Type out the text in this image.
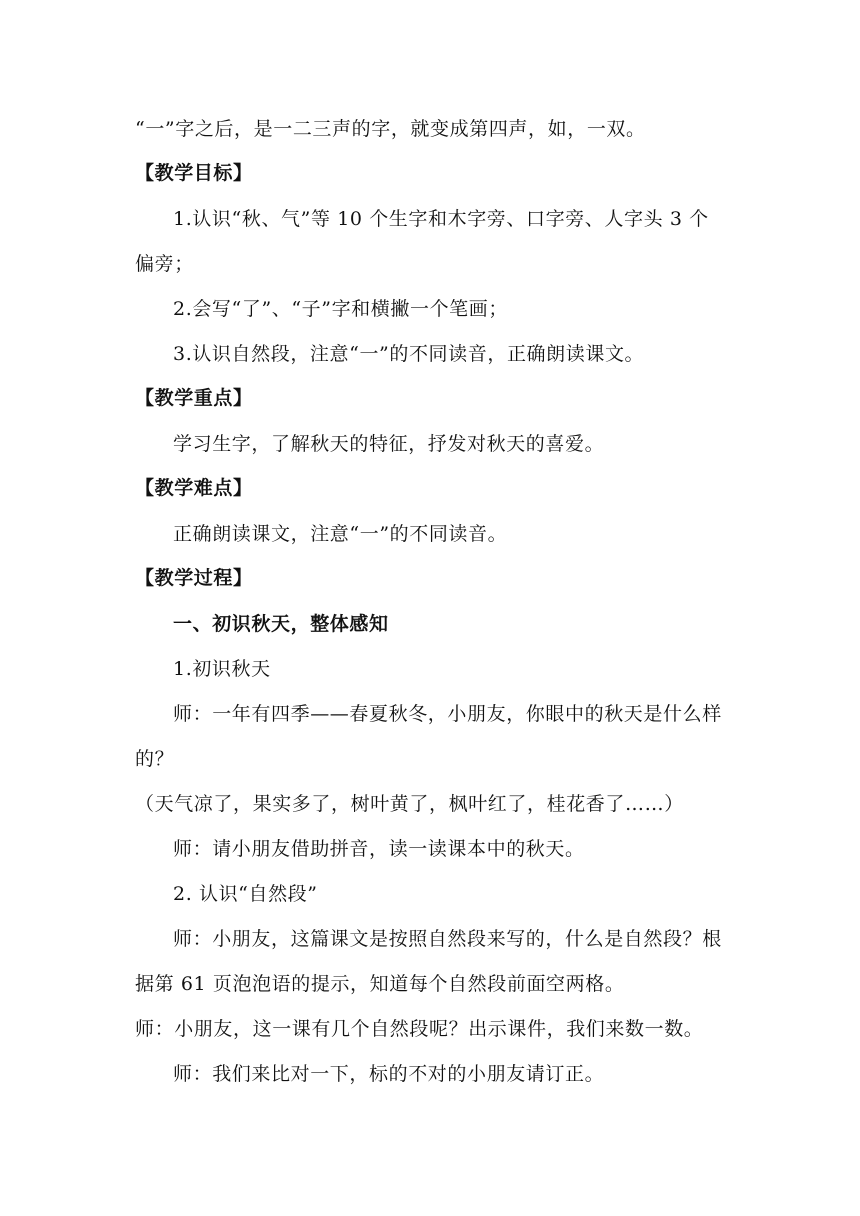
“一”字之后，是一二三声的字，就变成第四声，如，一双。
【教学目标】
1.认识“秋、气”等 10 个生字和木字旁、口字旁、人字头 3 个
偏旁；
2.会写“了”、“子”字和横撇一个笔画；
3.认识自然段，注意“一”的不同读音，正确朗读课文。
【教学重点】
学习生字，了解秋天的特征，抒发对秋天的喜爱。
【教学难点】
正确朗读课文，注意“一”的不同读音。
【教学过程】
一、初识秋天，整体感知
1.初识秋天
师：一年有四季——春夏秋冬，小朋友，你眼中的秋天是什么样
的？
（天气凉了，果实多了，树叶黄了，枫叶红了，桂花香了……）
师：请小朋友借助拼音，读一读课本中的秋天。
2. 认识“自然段”
师：小朋友，这篇课文是按照自然段来写的，什么是自然段？根
据第 61 页泡泡语的提示，知道每个自然段前面空两格。
师：小朋友，这一课有几个自然段呢？出示课件，我们来数一数。
师：我们来比对一下，标的不对的小朋友请订正。
